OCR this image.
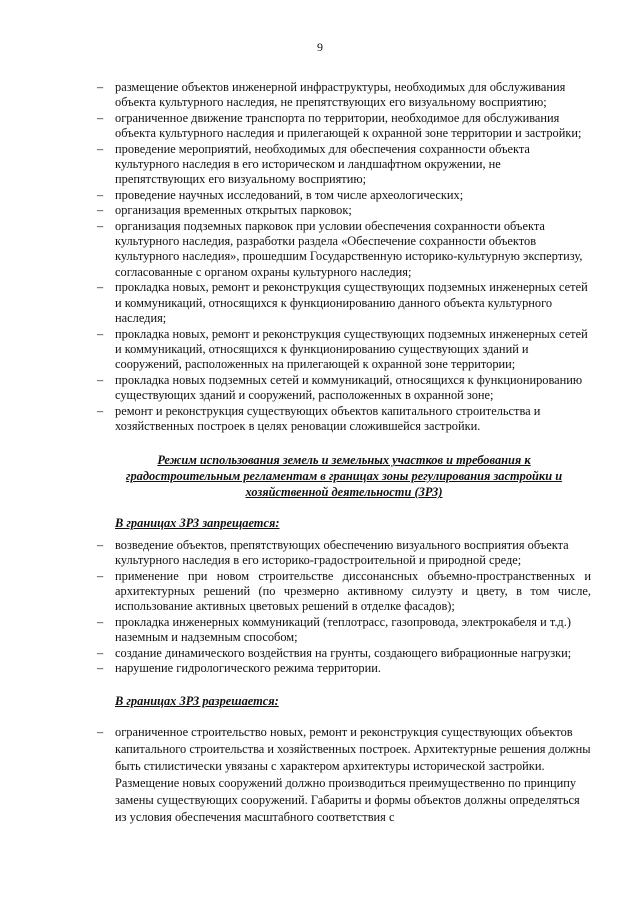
9
– размещение объектов инженерной инфраструктуры, необходимых для обслуживания объекта культурного наследия, не препятствующих его визуальному восприятию;
– ограниченное движение транспорта по территории, необходимое для обслуживания объекта культурного наследия и прилегающей к охранной зоне территории и застройки;
– проведение мероприятий, необходимых для обеспечения сохранности объекта культурного наследия в его историческом и ландшафтном окружении, не препятствующих его визуальному восприятию;
– проведение научных исследований, в том числе археологических;
– организация временных открытых парковок;
– организация подземных парковок при условии обеспечения сохранности объекта культурного наследия, разработки раздела «Обеспечение сохранности объектов культурного наследия», прошедшим Государственную историко-культурную экспертизу, согласованные с органом охраны культурного наследия;
– прокладка новых, ремонт и реконструкция существующих подземных инженерных сетей и коммуникаций, относящихся к функционированию данного объекта культурного наследия;
– прокладка новых, ремонт и реконструкция существующих подземных инженерных сетей и коммуникаций, относящихся к функционированию существующих зданий и сооружений, расположенных на прилегающей к охранной зоне территории;
– прокладка новых подземных сетей и коммуникаций, относящихся к функционированию существующих зданий и сооружений, расположенных в охранной зоне;
– ремонт и реконструкция существующих объектов капитального строительства и хозяйственных построек в целях реновации сложившейся застройки.
Режим использования земель и земельных участков и требования к градостроительным регламентам в границах зоны регулирования застройки и хозяйственной деятельности (ЗРЗ)
В границах ЗРЗ запрещается:
– возведение объектов, препятствующих обеспечению визуального восприятия объекта культурного наследия в его историко-градостроительной и природной среде;
– применение при новом строительстве диссонансных объемно-пространственных и архитектурных решений (по чрезмерно активному силуэту и цвету, в том числе, использование активных цветовых решений в отделке фасадов);
– прокладка инженерных коммуникаций (теплотрасс, газопровода, электрокабеля и т.д.) наземным и надземным способом;
– создание динамического воздействия на грунты, создающего вибрационные нагрузки;
– нарушение гидрологического режима территории.
В границах ЗРЗ разрешается:
– ограниченное строительство новых, ремонт и реконструкция существующих объектов капитального строительства и хозяйственных построек. Архитектурные решения должны быть стилистически увязаны с характером архитектуры исторической застройки. Размещение новых сооружений должно производиться преимущественно по принципу замены существующих сооружений. Габариты и формы объектов должны определяться из условия обеспечения масштабного соответствия с
